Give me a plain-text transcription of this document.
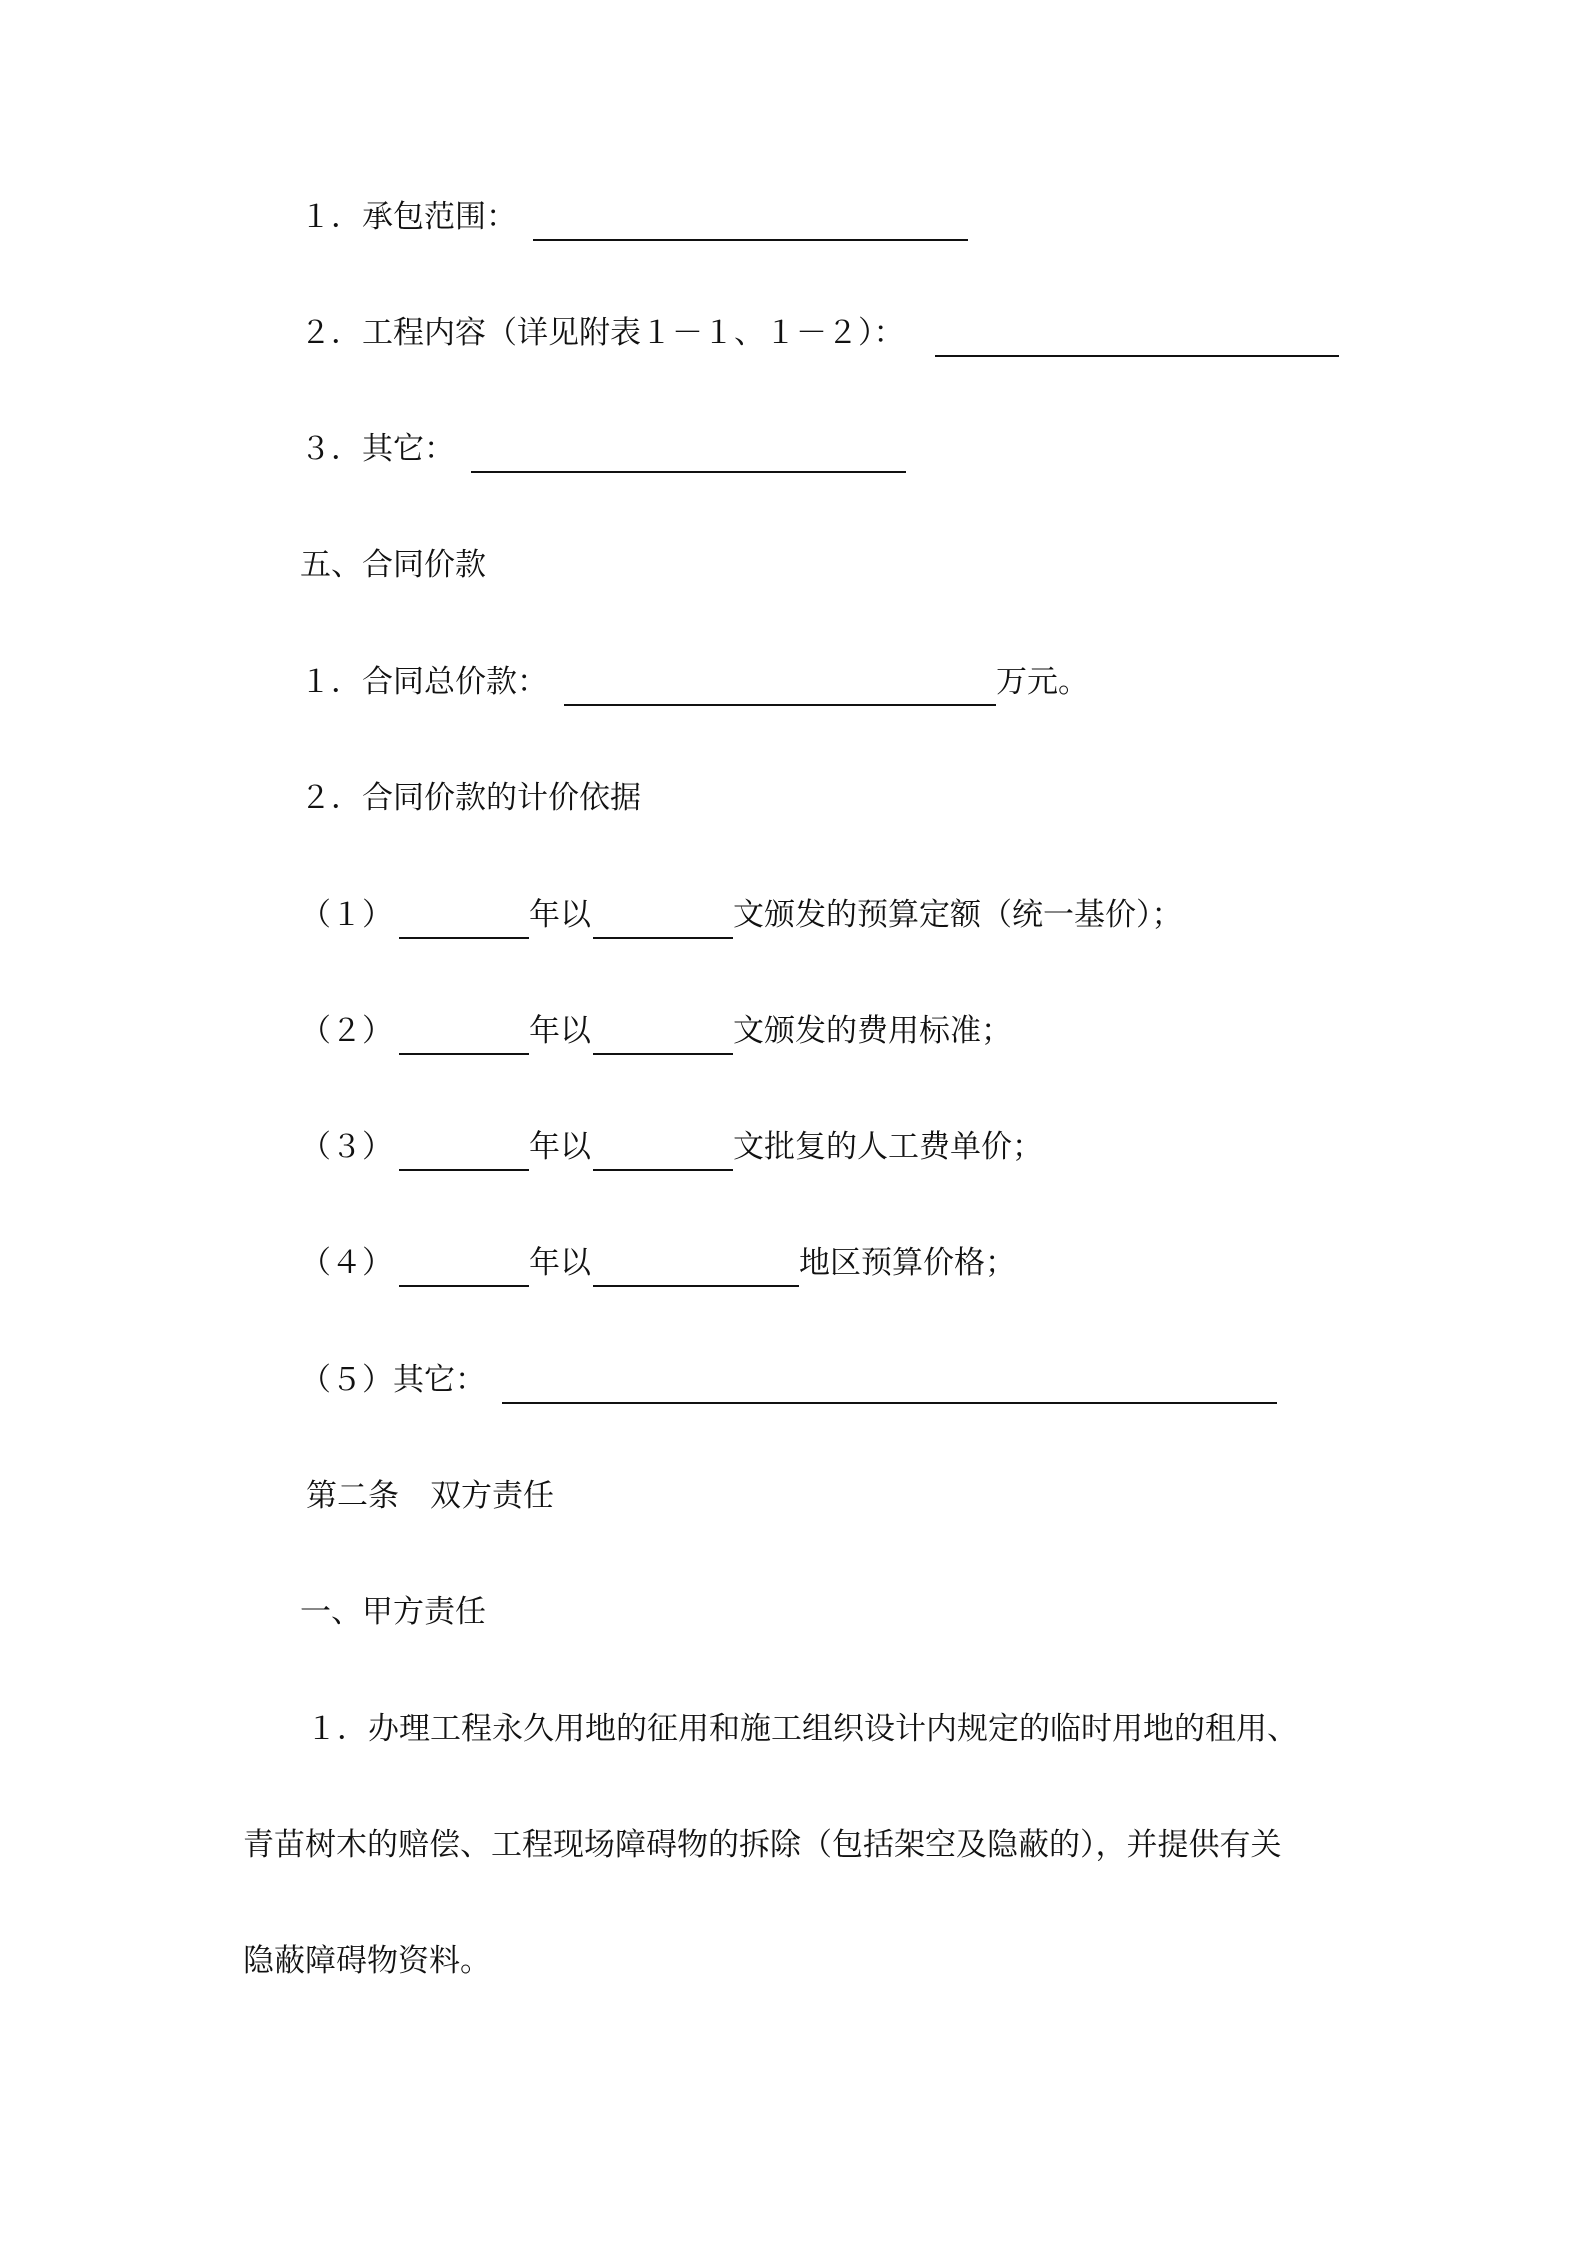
１．承包范围：
２．工程内容（详见附表１－１、１－２）：
３．其它：
五、合同价款
１．合同总价款：	万元。
２．合同价款的计价依据
（１）	年以	文颁发的预算定额（统一基价）；
（２）	年以	文颁发的费用标准；
（３）	年以	文批复的人工费单价；
（４）	年以	地区预算价格；
（５）其它：
第二条　双方责任
一、甲方责任
１．办理工程永久用地的征用和施工组织设计内规定的临时用地的租用、
青苗树木的赔偿、工程现场障碍物的拆除（包括架空及隐蔽的），并提供有关
隐蔽障碍物资料。
